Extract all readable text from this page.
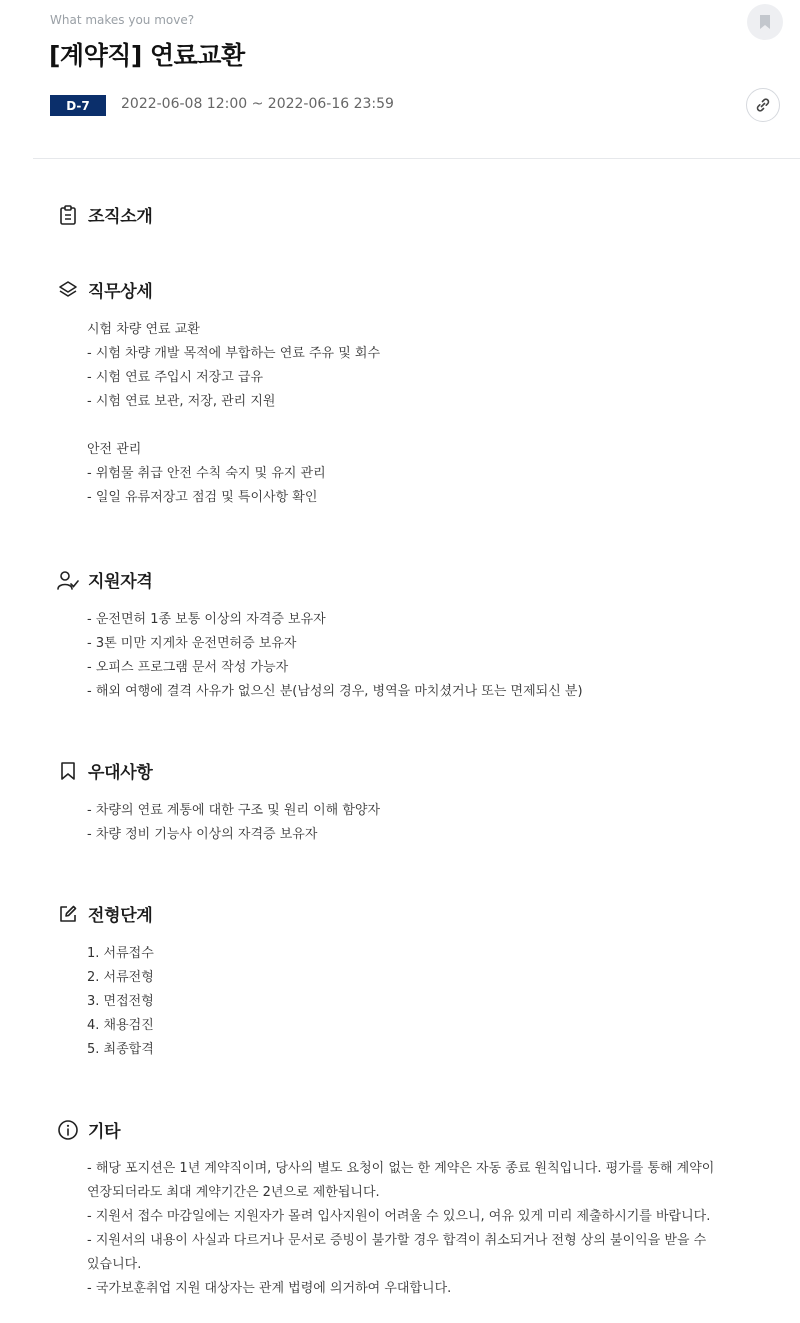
What makes you move?
[계약직] 연료교환
D-7	2022-06-08 12:00 ~ 2022-06-16 23:59
조직소개
직무상세
시험 차량 연료 교환
- 시험 차량 개발 목적에 부합하는 연료 주유 및 회수
- 시험 연료 주입시 저장고 급유
- 시험 연료 보관, 저장, 관리 지원
안전 관리
- 위험물 취급 안전 수칙 숙지 및 유지 관리
- 일일 유류저장고 점검 및 특이사항 확인
지원자격
- 운전면허 1종 보통 이상의 자격증 보유자
- 3톤 미만 지게차 운전면허증 보유자
- 오피스 프로그램 문서 작성 가능자
- 해외 여행에 결격 사유가 없으신 분(남성의 경우, 병역을 마치셨거나 또는 면제되신 분)
우대사항
- 차량의 연료 계통에 대한 구조 및 원리 이해 함양자
- 차량 정비 기능사 이상의 자격증 보유자
전형단계
1. 서류접수
2. 서류전형
3. 면접전형
4. 채용검진
5. 최종합격
기타
- 해당 포지션은 1년 계약직이며, 당사의 별도 요청이 없는 한 계약은 자동 종료 원칙입니다. 평가를 통해 계약이
연장되더라도 최대 계약기간은 2년으로 제한됩니다.
- 지원서 접수 마감일에는 지원자가 몰려 입사지원이 어려울 수 있으니, 여유 있게 미리 제출하시기를 바랍니다.
- 지원서의 내용이 사실과 다르거나 문서로 증빙이 불가할 경우 합격이 취소되거나 전형 상의 불이익을 받을 수
있습니다.
- 국가보훈취업 지원 대상자는 관계 법령에 의거하여 우대합니다.
